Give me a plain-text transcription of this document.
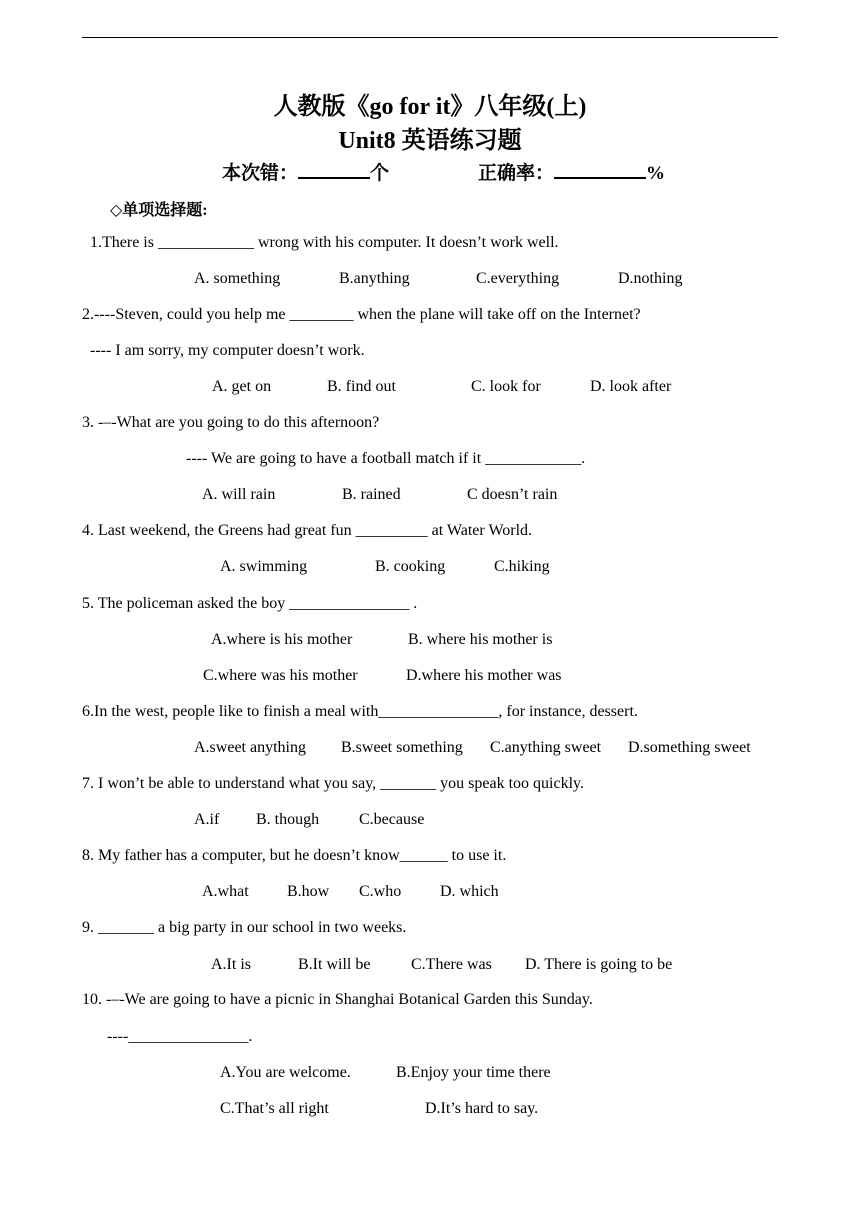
人教版《go for it》八年级(上)
Unit8 英语练习题
本次错：	个	正确率：	%
◇单项选择题:
1.There is ____________ wrong with his computer. It doesn’t work well.
A. something	B.anything	C.everything	D.nothing
2.----Steven, could you help me ________ when the plane will take off on the Internet?
---- I am sorry, my computer doesn’t work.
A. get on	B. find out	C. look for	D. look after
3. -–-What are you going to do this afternoon?
---- We are going to have a football match if it ____________.
A. will rain	B. rained	C doesn’t rain
4. Last weekend, the Greens had great fun _________ at Water World.
A. swimming	B. cooking	C.hiking
5. The policeman asked the boy _______________ .
A.where is his mother	B. where his mother is
C.where was his mother	D.where his mother was
6.In the west, people like to finish a meal with_______________, for instance, dessert.
A.sweet anything B.sweet something C.anything sweet D.something sweet
7. I won’t be able to understand what you say, _______ you speak too quickly.
A.if B. though C.because
8. My father has a computer, but he doesn’t know______ to use it.
A.what B.how C.who D. which
9. _______ a big party in our school in two weeks.
A.It is	B.It will be	C.There was D. There is going to be
10. -–-We are going to have a picnic in Shanghai Botanical Garden this Sunday.
----_______________.
A.You are welcome.	B.Enjoy your time there
C.That’s all right	D.It’s hard to say.
